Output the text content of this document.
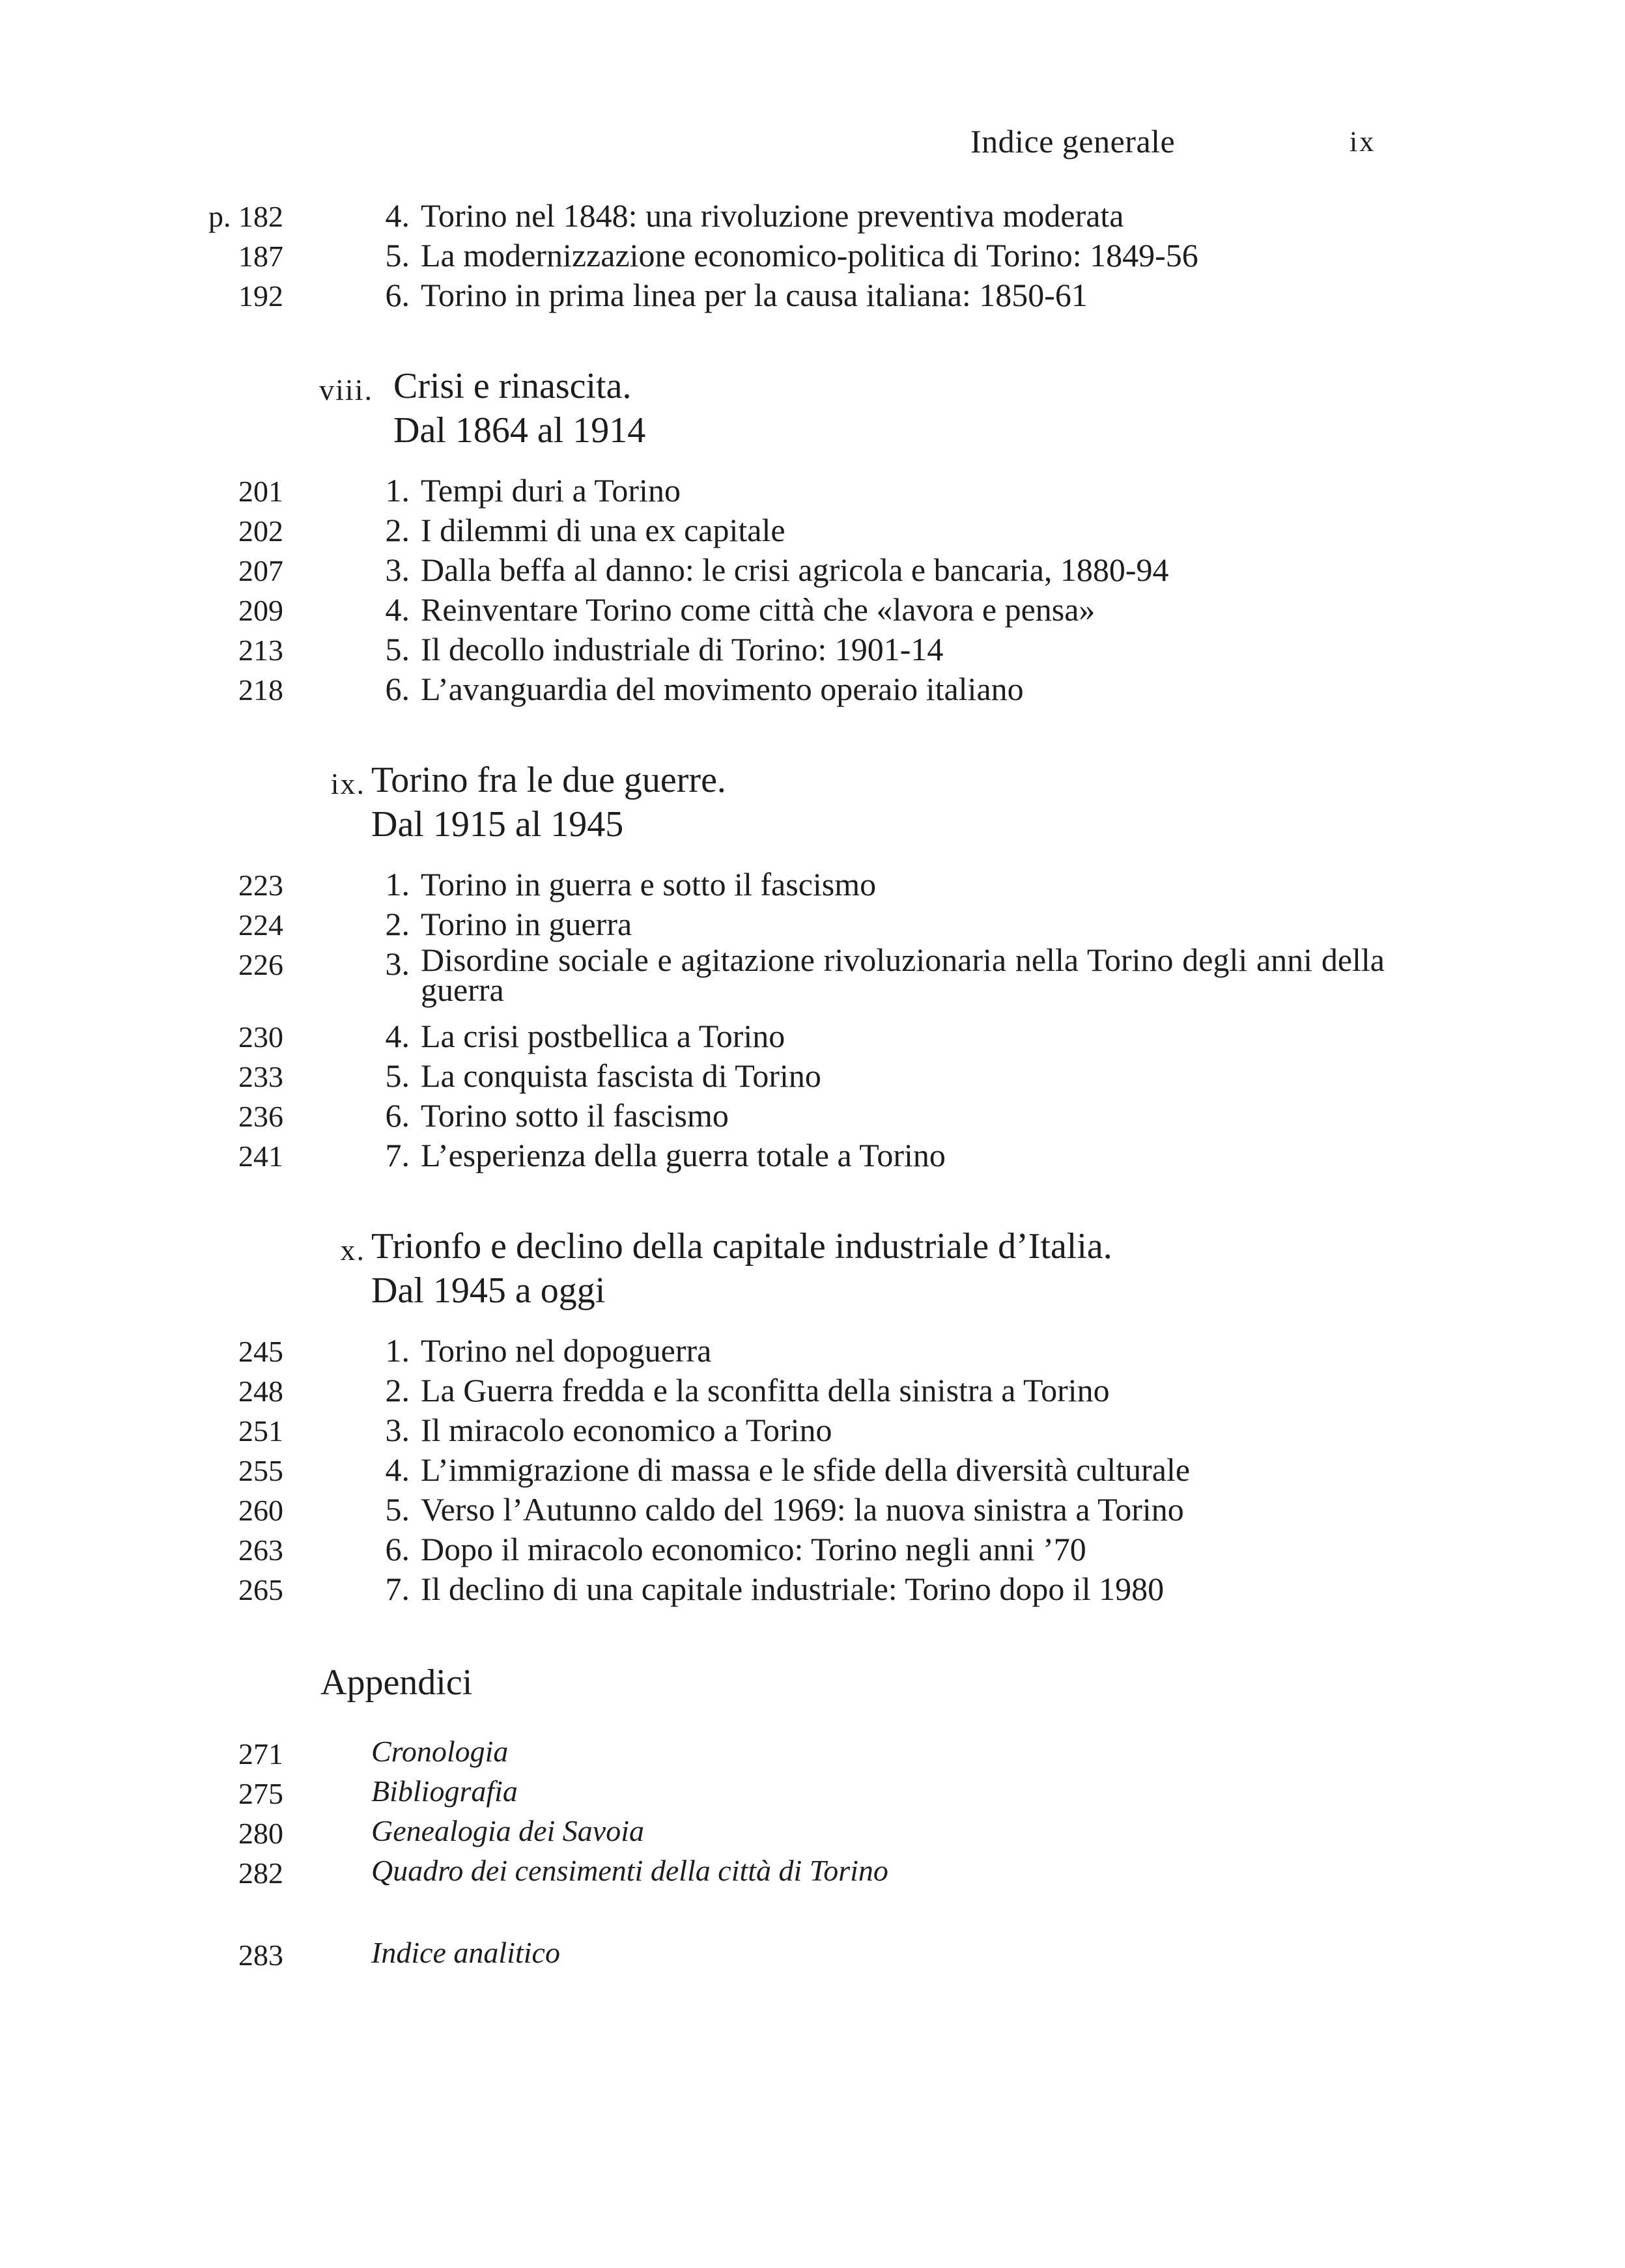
Indice generale	ix
p. 182	4. Torino nel 1848: una rivoluzione preventiva moderata
187	5. La modernizzazione economico-politica di Torino: 1849-56
192	6. Torino in prima linea per la causa italiana: 1850-61
viii. Crisi e rinascita.
Dal 1864 al 1914
201	1. Tempi duri a Torino
202	2. I dilemmi di una ex capitale
207	3. Dalla beffa al danno: le crisi agricola e bancaria, 1880-94
209	4. Reinventare Torino come città che «lavora e pensa»
213	5. Il decollo industriale di Torino: 1901-14
218	6. L’avanguardia del movimento operaio italiano
ix. Torino fra le due guerre.
Dal 1915 al 1945
223	1. Torino in guerra e sotto il fascismo
224	2. Torino in guerra
226	3. Disordine sociale e agitazione rivoluzionaria nella Torino degli anni della guerra
230	4. La crisi postbellica a Torino
233	5. La conquista fascista di Torino
236	6. Torino sotto il fascismo
241	7. L’esperienza della guerra totale a Torino
x. Trionfo e declino della capitale industriale d’Italia.
Dal 1945 a oggi
245	1. Torino nel dopoguerra
248	2. La Guerra fredda e la sconfitta della sinistra a Torino
251	3. Il miracolo economico a Torino
255	4. L’immigrazione di massa e le sfide della diversità culturale
260	5. Verso l’Autunno caldo del 1969: la nuova sinistra a Torino
263	6. Dopo il miracolo economico: Torino negli anni ’70
265	7. Il declino di una capitale industriale: Torino dopo il 1980
Appendici
271	Cronologia
275	Bibliografia
280	Genealogia dei Savoia
282	Quadro dei censimenti della città di Torino
283	Indice analitico
